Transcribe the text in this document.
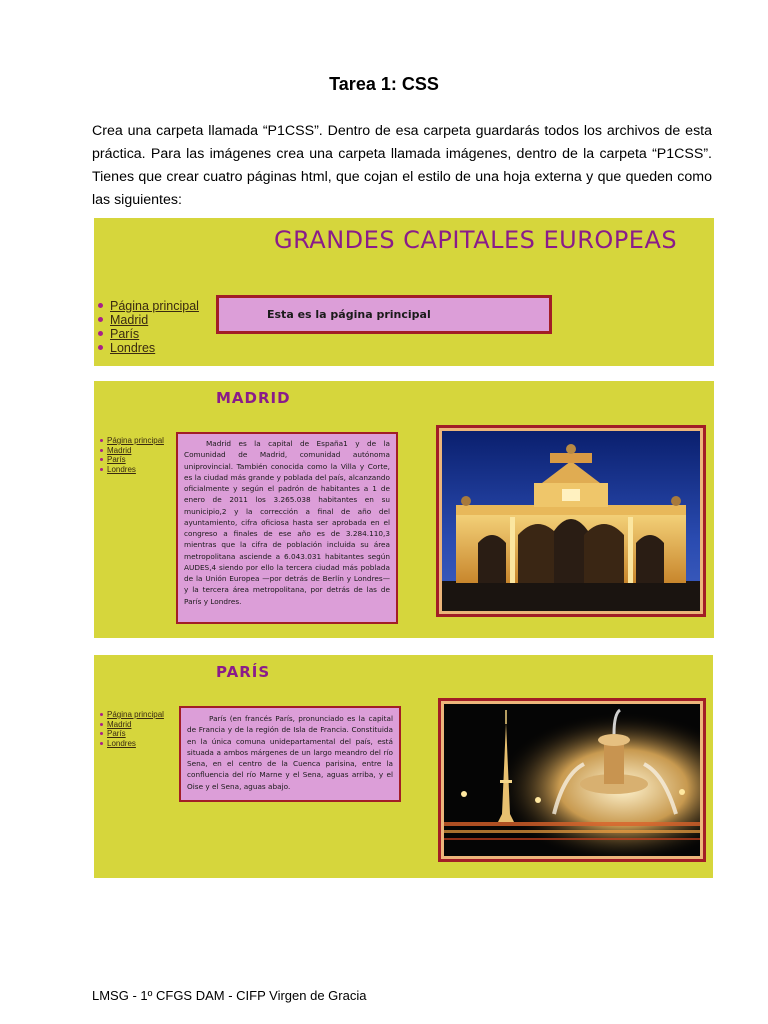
Tarea 1: CSS

Crea una carpeta llamada “P1CSS”. Dentro de esa carpeta guardarás todos los archivos de esta práctica. Para las imágenes crea una carpeta llamada imágenes, dentro de la carpeta “P1CSS”. Tienes que crear cuatro páginas html, que cojan el estilo de una hoja externa y que queden como las siguientes:

GRANDES CAPITALES EUROPEAS
Página principal
Madrid
París
Londres
Esta es la página principal
MADRID
Página principal
Madrid
París
Londres
Madrid es la capital de España1 y de la Comunidad de Madrid, comunidad autónoma uniprovincial. También conocida como la Villa y Corte, es la ciudad más grande y poblada del país, alcanzando oficialmente y según el padrón de habitantes a 1 de enero de 2011 los 3.265.038 habitantes en su municipio,2 y la corrección a final de año del ayuntamiento, cifra oficiosa hasta ser aprobada en el congreso a finales de ese año es de 3.284.110,3 mientras que la cifra de población incluida su área metropolitana asciende a 6.043.031 habitantes según AUDES,4 siendo por ello la tercera ciudad más poblada de la Unión Europea —por detrás de Berlín y Londres— y la tercera área metropolitana, por detrás de las de París y Londres.
PARÍS
Página principal
Madrid
París
Londres
París (en francés París, pronunciado es la capital de Francia y de la región de Isla de Francia. Constituida en la única comuna unidepartamental del país, está situada a ambos márgenes de un largo meandro del río Sena, en el centro de la Cuenca parisina, entre la confluencia del río Marne y el Sena, aguas arriba, y el Oise y el Sena, aguas abajo.
LMSG - 1º CFGS DAM - CIFP Virgen de Gracia
